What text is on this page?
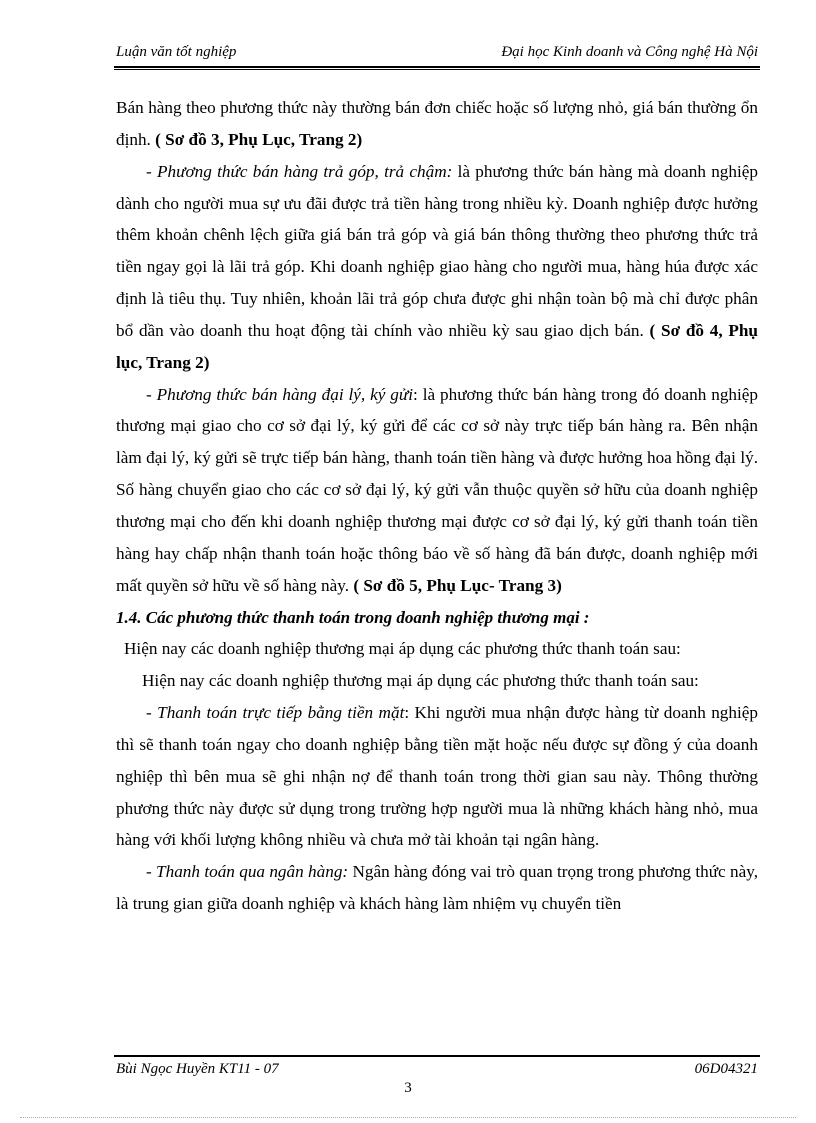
Luận văn tốt nghiệp	Đại học Kinh doanh và Công nghệ Hà Nội

Bán hàng theo phương thức này thường bán đơn chiếc hoặc số lượng nhỏ, giá bán thường ổn định. ( Sơ đồ 3, Phụ Lục, Trang 2)

- Phương thức bán hàng trả góp, trả chậm: là phương thức bán hàng mà doanh nghiệp dành cho người mua sự ưu đãi được trả tiền hàng trong nhiều kỳ. Doanh nghiệp được hưởng thêm khoản chênh lệch giữa giá bán trả góp và giá bán thông thường theo phương thức trả tiền ngay gọi là lãi trả góp. Khi doanh nghiệp giao hàng cho người mua, hàng húa được xác định là tiêu thụ. Tuy nhiên, khoản lãi trả góp chưa được ghi nhận toàn bộ mà chỉ được phân bổ dần vào doanh thu hoạt động tài chính vào nhiều kỳ sau giao dịch bán. ( Sơ đồ 4, Phụ lục, Trang 2)

- Phương thức bán hàng đại lý, ký gửi: là phương thức bán hàng trong đó doanh nghiệp thương mại giao cho cơ sở đại lý, ký gửi để các cơ sở này trực tiếp bán hàng ra. Bên nhận làm đại lý, ký gửi sẽ trực tiếp bán hàng, thanh toán tiền hàng và được hưởng hoa hồng đại lý. Số hàng chuyển giao cho các cơ sở đại lý, ký gửi vẫn thuộc quyền sở hữu của doanh nghiệp thương mại cho đến khi doanh nghiệp thương mại được cơ sở đại lý, ký gửi thanh toán tiền hàng hay chấp nhận thanh toán hoặc thông báo về số hàng đã bán được, doanh nghiệp mới mất quyền sở hữu về số hàng này. ( Sơ đồ 5, Phụ Lục- Trang 3)

1.4. Các phương thức thanh toán trong doanh nghiệp thương mại :

Hiện nay các doanh nghiệp thương mại áp dụng các phương thức thanh toán sau:

Hiện nay các doanh nghiệp thương mại áp dụng các phương thức thanh toán sau:

- Thanh toán trực tiếp bằng tiền mặt: Khi người mua nhận được hàng từ doanh nghiệp thì sẽ thanh toán ngay cho doanh nghiệp bằng tiền mặt hoặc nếu được sự đồng ý của doanh nghiệp thì bên mua sẽ ghi nhận nợ để thanh toán trong thời gian sau này. Thông thường phương thức này được sử dụng trong trường hợp người mua là những khách hàng nhỏ, mua hàng với khối lượng không nhiều và chưa mở tài khoản tại ngân hàng.

- Thanh toán qua ngân hàng: Ngân hàng đóng vai trò quan trọng trong phương thức này, là trung gian giữa doanh nghiệp và khách hàng làm nhiệm vụ chuyển tiền

Bùi Ngọc Huyền KT11 - 07	06D04321
3
